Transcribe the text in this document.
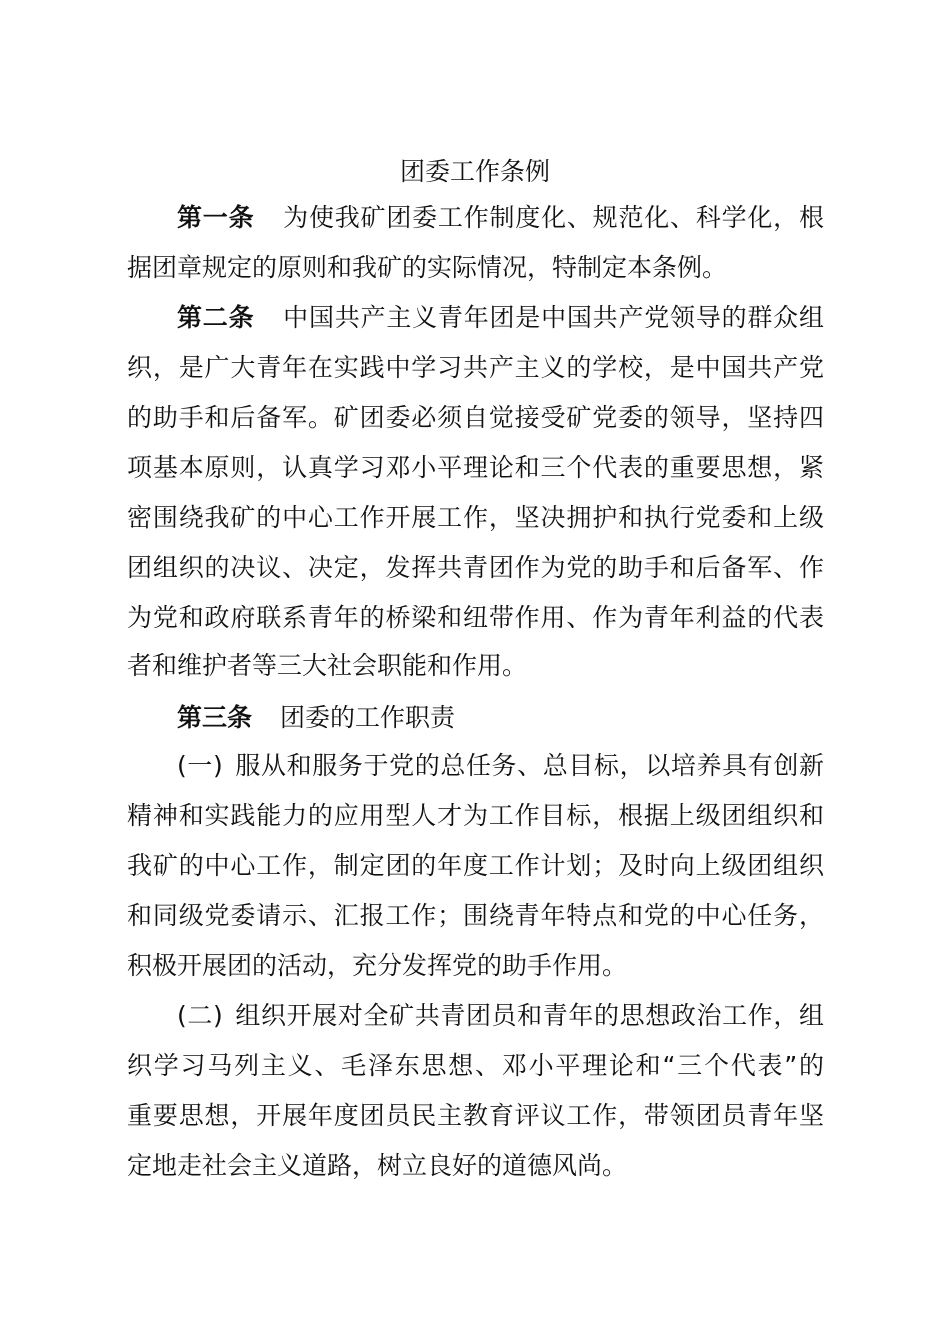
团委工作条例
第一条 为使我矿团委工作制度化、规范化、科学化，根
据团章规定的原则和我矿的实际情况，特制定本条例。
第二条 中国共产主义青年团是中国共产党领导的群众组
织，是广大青年在实践中学习共产主义的学校，是中国共产党
的助手和后备军。矿团委必须自觉接受矿党委的领导，坚持四
项基本原则，认真学习邓小平理论和三个代表的重要思想，紧
密围绕我矿的中心工作开展工作，坚决拥护和执行党委和上级
团组织的决议、决定，发挥共青团作为党的助手和后备军、作
为党和政府联系青年的桥梁和纽带作用、作为青年利益的代表
者和维护者等三大社会职能和作用。
第三条 团委的工作职责
(一) 服从和服务于党的总任务、总目标，以培养具有创新
精神和实践能力的应用型人才为工作目标，根据上级团组织和
我矿的中心工作，制定团的年度工作计划；及时向上级团组织
和同级党委请示、汇报工作；围绕青年特点和党的中心任务，
积极开展团的活动，充分发挥党的助手作用。
(二) 组织开展对全矿共青团员和青年的思想政治工作，组
织学习马列主义、毛泽东思想、邓小平理论和“三个代表”的
重要思想，开展年度团员民主教育评议工作，带领团员青年坚
定地走社会主义道路，树立良好的道德风尚。
